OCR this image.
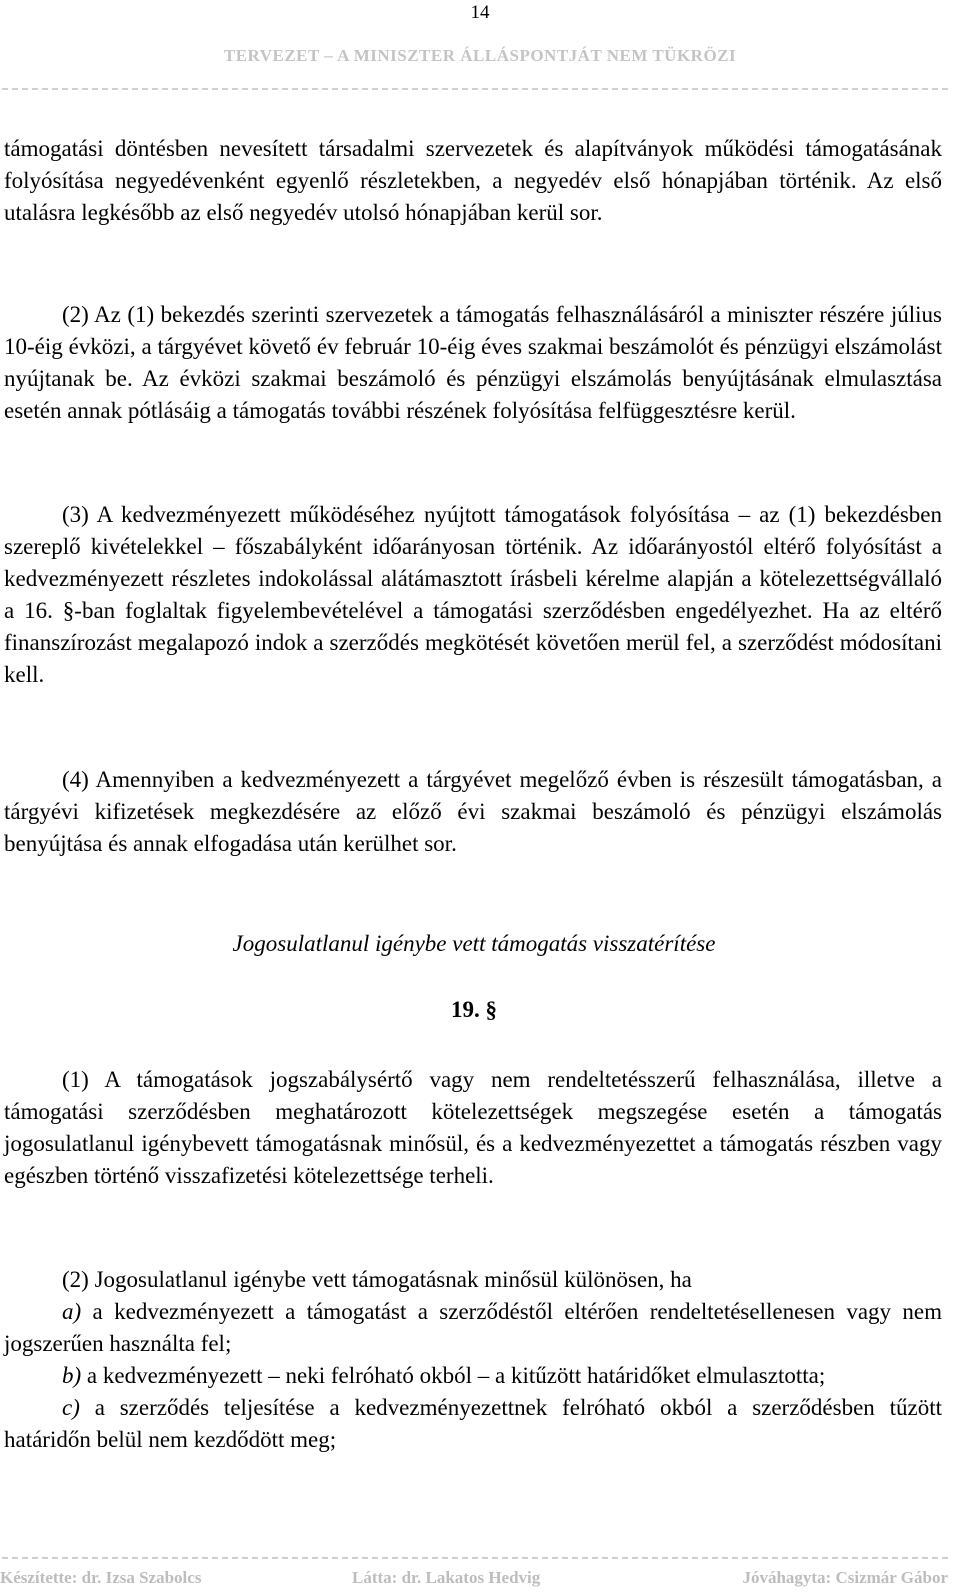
14
TERVEZET – A MINISZTER ÁLLÁSPONTJÁT NEM TÜKRÖZI

támogatási döntésben nevesített társadalmi szervezetek és alapítványok működési támogatásának folyósítása negyedévenként egyenlő részletekben, a negyedév első hónapjában történik. Az első utalásra legkésőbb az első negyedév utolsó hónapjában kerül sor.

(2) Az (1) bekezdés szerinti szervezetek a támogatás felhasználásáról a miniszter részére július 10-éig évközi, a tárgyévet követő év február 10-éig éves szakmai beszámolót és pénzügyi elszámolást nyújtanak be. Az évközi szakmai beszámoló és pénzügyi elszámolás benyújtásának elmulasztása esetén annak pótlásáig a támogatás további részének folyósítása felfüggesztésre kerül.

(3) A kedvezményezett működéséhez nyújtott támogatások folyósítása – az (1) bekezdésben szereplő kivételekkel – főszabályként időarányosan történik. Az időarányostól eltérő folyósítást a kedvezményezett részletes indokolással alátámasztott írásbeli kérelme alapján a kötelezettségvállaló a 16. §-ban foglaltak figyelembevételével a támogatási szerződésben engedélyezhet. Ha az eltérő finanszírozást megalapozó indok a szerződés megkötését követően merül fel, a szerződést módosítani kell.

(4) Amennyiben a kedvezményezett a tárgyévet megelőző évben is részesült támogatásban, a tárgyévi kifizetések megkezdésére az előző évi szakmai beszámoló és pénzügyi elszámolás benyújtása és annak elfogadása után kerülhet sor.

Jogosulatlanul igénybe vett támogatás visszatérítése
19. §

(1) A támogatások jogszabálysértő vagy nem rendeltetésszerű felhasználása, illetve a támogatási szerződésben meghatározott kötelezettségek megszegése esetén a támogatás jogosulatlanul igénybevett támogatásnak minősül, és a kedvezményezettet a támogatás részben vagy egészben történő visszafizetési kötelezettsége terheli.

(2) Jogosulatlanul igénybe vett támogatásnak minősül különösen, ha

a) a kedvezményezett a támogatást a szerződéstől eltérően rendeltetésellenesen vagy nem jogszerűen használta fel;

b) a kedvezményezett – neki felróható okból – a kitűzött határidőket elmulasztotta;

c) a szerződés teljesítése a kedvezményezettnek felróható okból a szerződésben tűzött határidőn belül nem kezdődött meg;

Készítette: dr. Izsa Szabolcs	Látta: dr. Lakatos Hedvig	Jóváhagyta: Csizmár Gábor
